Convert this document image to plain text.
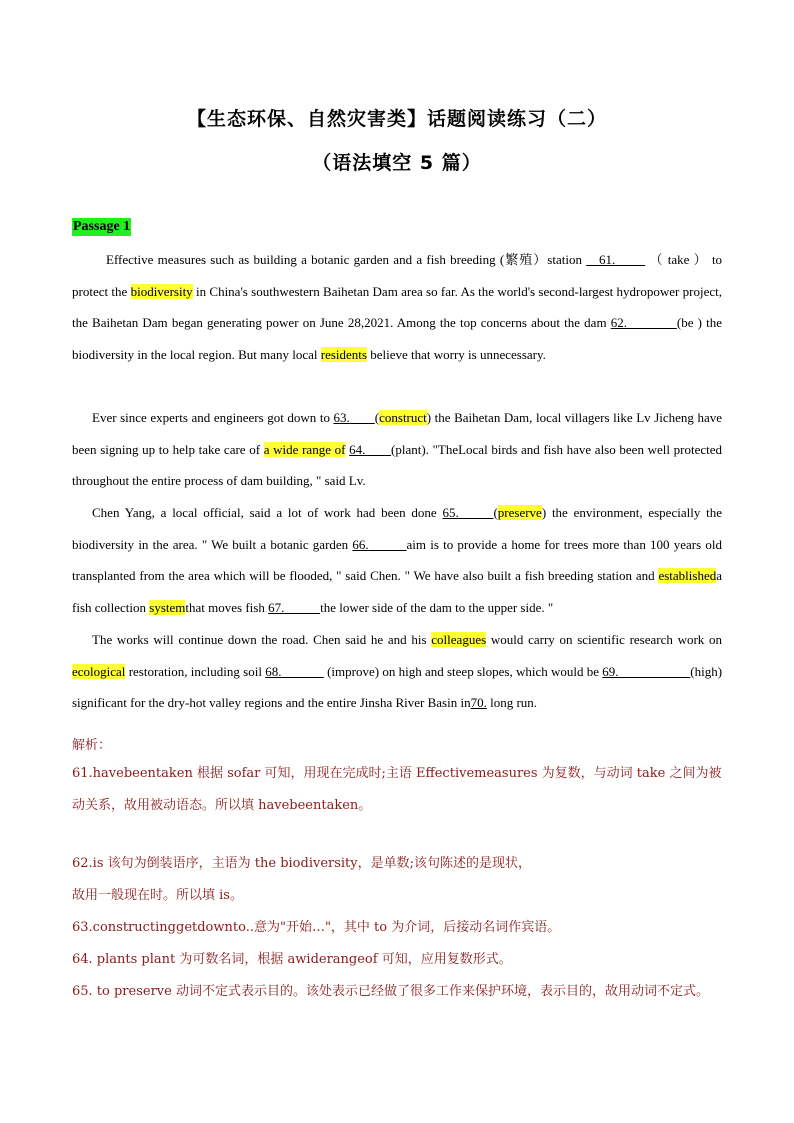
【生态环保、自然灾害类】话题阅读练习（二）
（语法填空 5 篇）
Passage 1
Effective measures such as building a botanic garden and a fish breeding (繁殖）station 61.	（ take ） to protect the biodiversity in China's southwestern Baihetan Dam area so far. As the world's second-largest hydropower project, the Baihetan Dam began generating power on June 28,2021. Among the top concerns about the dam 62.	(be ) the biodiversity in the local region. But many local residents believe that worry is unnecessary.
Ever since experts and engineers got down to 63. (construct) the Baihetan Dam, local villagers like Lv Jicheng have been signing up to help take care of a wide range of 64. (plant). "TheLocal birds and fish have also been well protected throughout the entire process of dam building, " said Lv.
Chen Yang, a local official, said a lot of work had been done 65.	(preserve) the environment, especially the biodiversity in the area. " We built a botanic garden 66.	aim is to provide a home for trees more than 100 years old transplanted from the area which will be flooded, " said Chen. " We have also built a fish breeding station and establisheda fish collection systemthat moves fish 67.	the lower side of the dam to the upper side. "
The works will continue down the road. Chen said he and his colleagues would carry on scientific research work on ecological restoration, including soil 68.	(improve) on high and steep slopes, which would be 69.	(high) significant for the dry-hot valley regions and the entire Jinsha River Basin in70. long run.
解析：
61.havebeentaken 根据 sofar 可知，用现在完成时;主语 Effectivemeasures 为复数，与动词 take 之间为被动关系，故用被动语态。所以填 havebeentaken。
62.is 该句为倒装语序，主语为 the biodiversity，是单数;该句陈述的是现状，
故用一般现在时。所以填 is。
63.constructinggetdownto..意为"开始…"，其中 to 为介词，后接动名词作宾语。
64. plants plant 为可数名词，根据 awiderangeof 可知，应用复数形式。
65. to preserve 动词不定式表示目的。该处表示已经做了很多工作来保护环境，表示目的，故用动词不定式。
